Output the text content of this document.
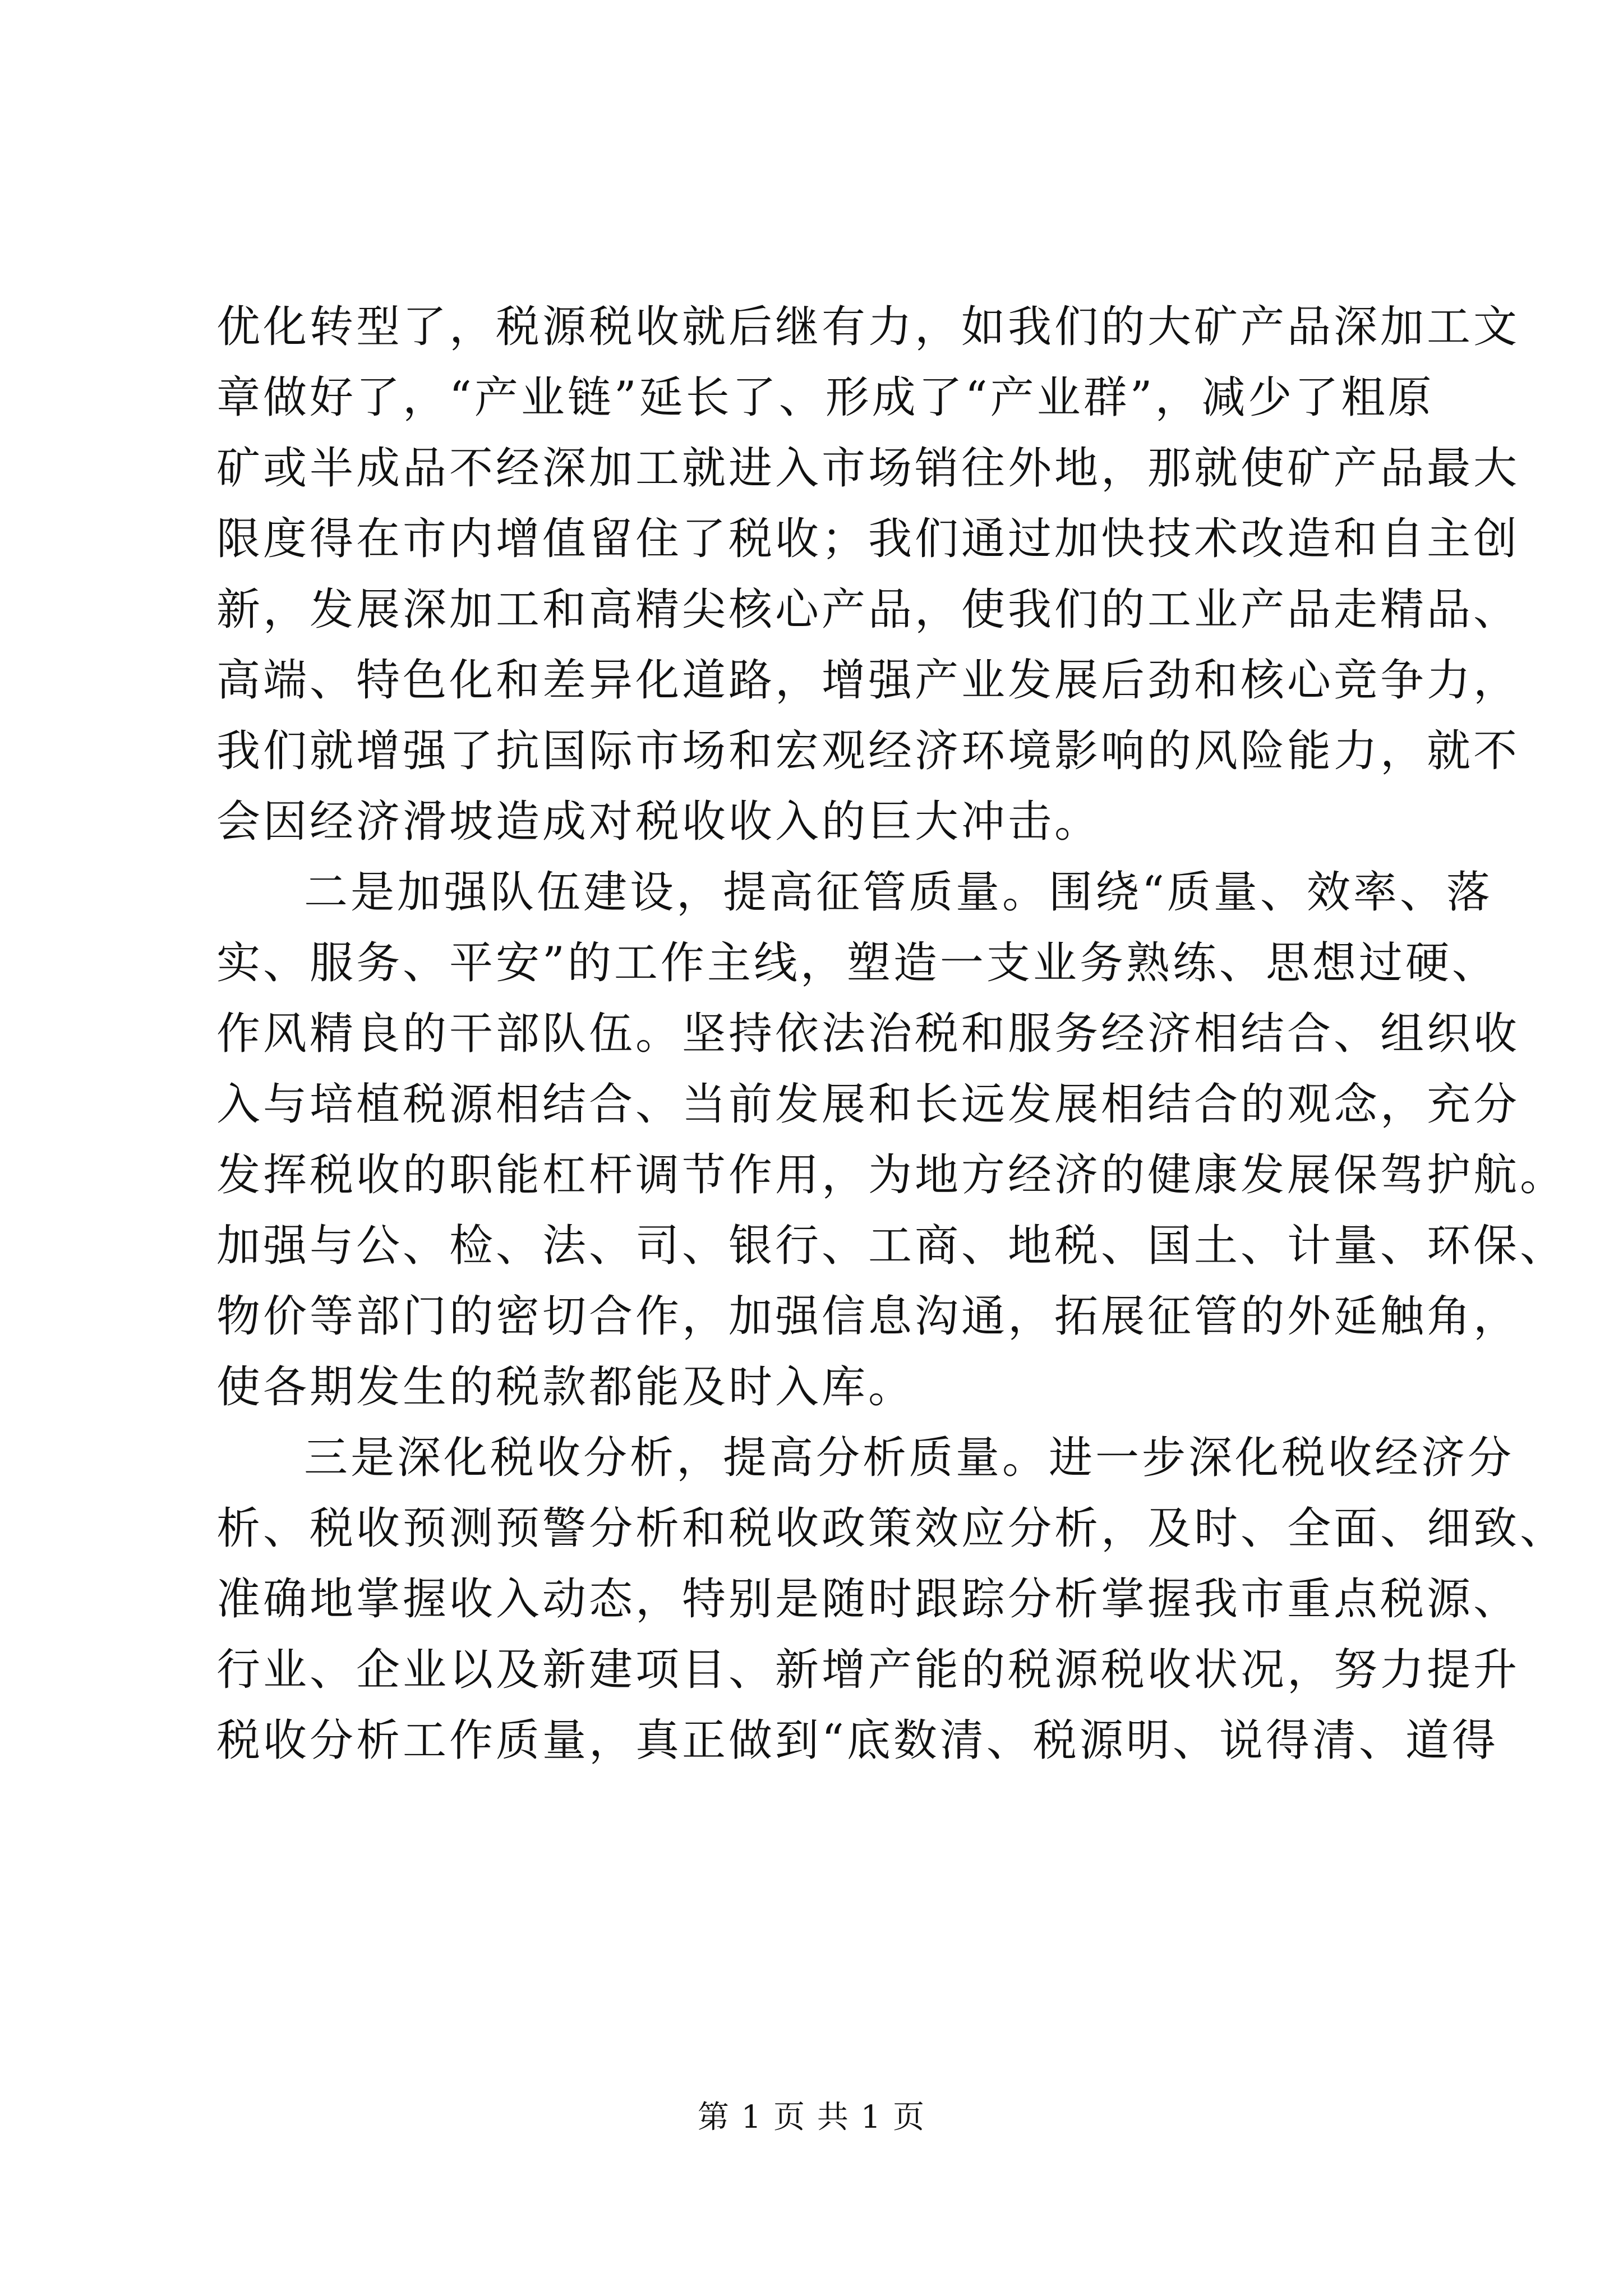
优化转型了，税源税收就后继有力，如我们的大矿产品深加工文
章做好了，“产业链”延长了、形成了“产业群”，减少了粗原
矿或半成品不经深加工就进入市场销往外地，那就使矿产品最大
限度得在市内增值留住了税收；我们通过加快技术改造和自主创
新，发展深加工和高精尖核心产品，使我们的工业产品走精品、
高端、特色化和差异化道路，增强产业发展后劲和核心竞争力，
我们就增强了抗国际市场和宏观经济环境影响的风险能力，就不
会因经济滑坡造成对税收收入的巨大冲击。
二是加强队伍建设，提高征管质量。围绕“质量、效率、落
实、服务、平安”的工作主线，塑造一支业务熟练、思想过硬、
作风精良的干部队伍。坚持依法治税和服务经济相结合、组织收
入与培植税源相结合、当前发展和长远发展相结合的观念，充分
发挥税收的职能杠杆调节作用，为地方经济的健康发展保驾护航。
加强与公、检、法、司、银行、工商、地税、国土、计量、环保、
物价等部门的密切合作，加强信息沟通，拓展征管的外延触角，
使各期发生的税款都能及时入库。
三是深化税收分析，提高分析质量。进一步深化税收经济分
析、税收预测预警分析和税收政策效应分析，及时、全面、细致、
准确地掌握收入动态，特别是随时跟踪分析掌握我市重点税源、
行业、企业以及新建项目、新增产能的税源税收状况，努力提升
税收分析工作质量，真正做到“底数清、税源明、说得清、道得
第 1 页 共 1 页
